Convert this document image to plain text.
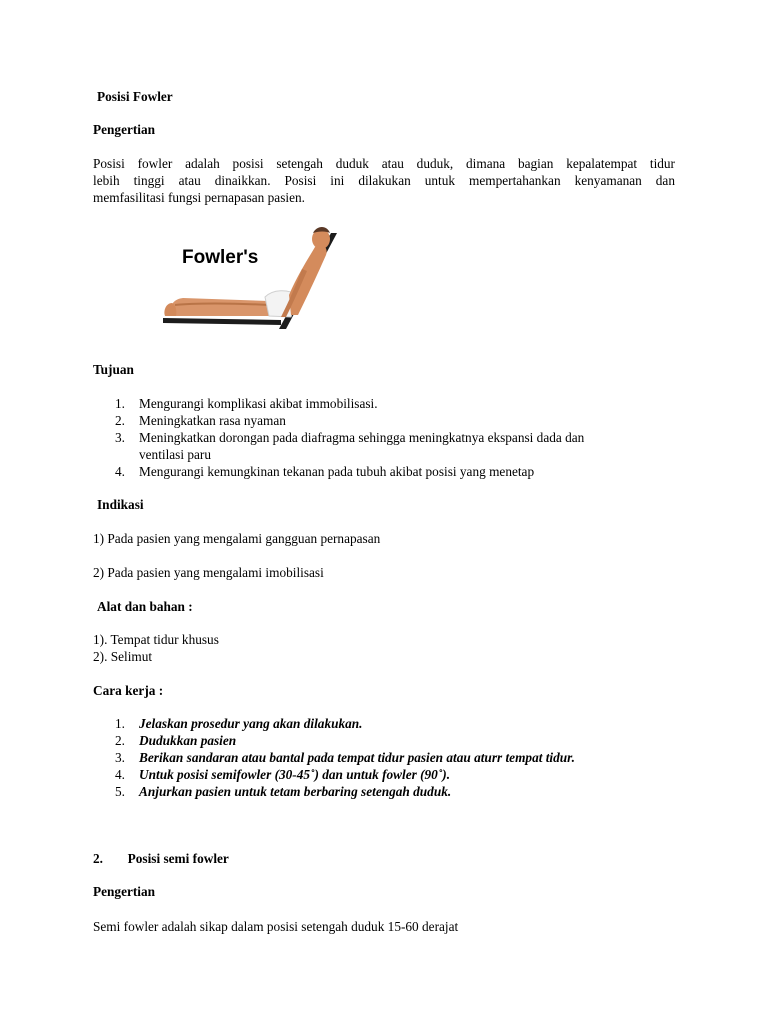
Posisi Fowler
Pengertian
Posisi fowler adalah posisi setengah duduk atau duduk, dimana bagian kepalatempat tidur
lebih tinggi atau dinaikkan. Posisi ini dilakukan untuk mempertahankan kenyamanan dan
memfasilitasi fungsi pernapasan pasien.
Fowler's
Tujuan
1. Mengurangi komplikasi akibat immobilisasi.
2. Meningkatkan rasa nyaman
3. Meningkatkan dorongan pada diafragma sehingga meningkatnya ekspansi dada dan
ventilasi paru
4. Mengurangi kemungkinan tekanan pada tubuh akibat posisi yang menetap
Indikasi
1) Pada pasien yang mengalami gangguan pernapasan
2) Pada pasien yang mengalami imobilisasi
Alat dan bahan :
1). Tempat tidur khusus
2). Selimut
Cara kerja :
1. Jelaskan prosedur yang akan dilakukan.
2. Dudukkan pasien
3. Berikan sandaran atau bantal pada tempat tidur pasien atau aturr tempat tidur.
4. Untuk posisi semifowler (30-45˚) dan untuk fowler (90˚).
5. Anjurkan pasien untuk tetam berbaring setengah duduk.
2. Posisi semi fowler
Pengertian
Semi fowler adalah sikap dalam posisi setengah duduk 15-60 derajat
